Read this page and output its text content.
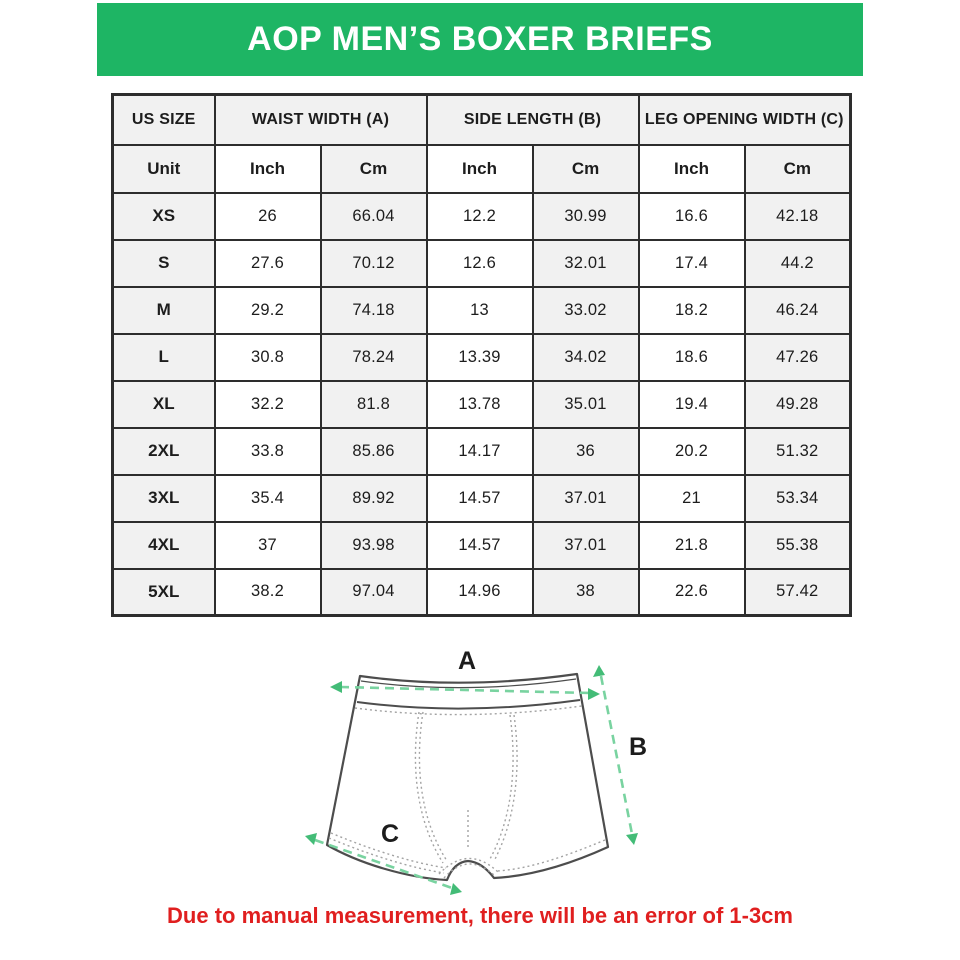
AOP MEN’S BOXER BRIEFS
US SIZE	WAIST WIDTH (A)		SIDE LENGTH (B)		LEG OPENING WIDTH (C)	
Unit	Inch	Cm	Inch	Cm	Inch	Cm
XS	26	66.04	12.2	30.99	16.6	42.18
S	27.6	70.12	12.6	32.01	17.4	44.2
M	29.2	74.18	13	33.02	18.2	46.24
L	30.8	78.24	13.39	34.02	18.6	47.26
XL	32.2	81.8	13.78	35.01	19.4	49.28
2XL	33.8	85.86	14.17	36	20.2	51.32
3XL	35.4	89.92	14.57	37.01	21	53.34
4XL	37	93.98	14.57	37.01	21.8	55.38
5XL	38.2	97.04	14.96	38	22.6	57.42
A
B
C
Due to manual measurement, there will be an error of 1-3cm
